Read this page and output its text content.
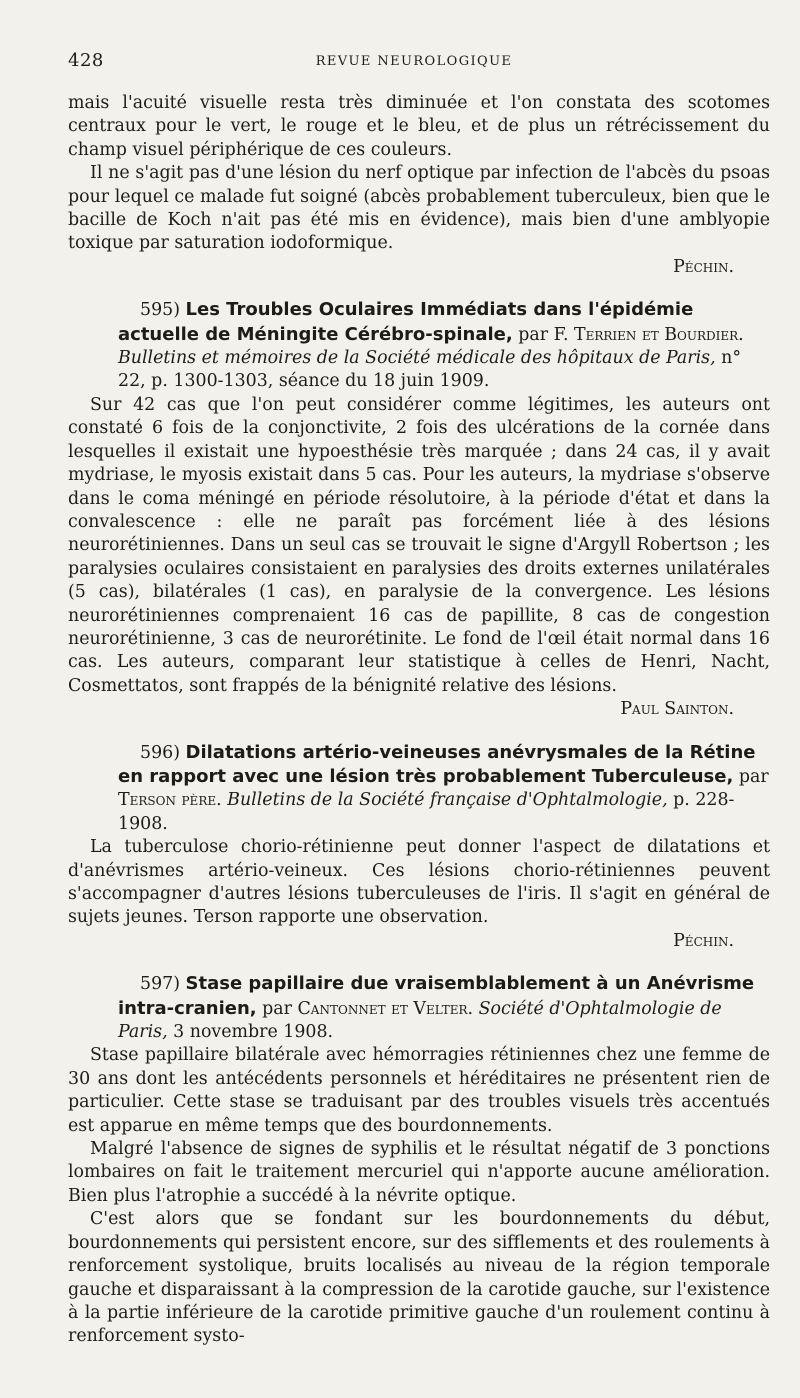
428	REVUE NEUROLOGIQUE

mais l'acuité visuelle resta très diminuée et l'on constata des scotomes centraux pour le vert, le rouge et le bleu, et de plus un rétrécissement du champ visuel périphérique de ces couleurs.

Il ne s'agit pas d'une lésion du nerf optique par infection de l'abcès du psoas pour lequel ce malade fut soigné (abcès probablement tuberculeux, bien que le bacille de Koch n'ait pas été mis en évidence), mais bien d'une amblyopie toxique par saturation iodoformique.

Péchin.

595) Les Troubles Oculaires Immédiats dans l'épidémie actuelle de Méningite Cérébro-spinale, par F. Terrien et Bourdier. Bulletins et mémoires de la Société médicale des hôpitaux de Paris, n° 22, p. 1300-1303, séance du 18 juin 1909.

Sur 42 cas que l'on peut considérer comme légitimes, les auteurs ont constaté 6 fois de la conjonctivite, 2 fois des ulcérations de la cornée dans lesquelles il existait une hypoesthésie très marquée ; dans 24 cas, il y avait mydriase, le myosis existait dans 5 cas. Pour les auteurs, la mydriase s'observe dans le coma méningé en période résolutoire, à la période d'état et dans la convalescence : elle ne paraît pas forcément liée à des lésions neurorétiniennes. Dans un seul cas se trouvait le signe d'Argyll Robertson ; les paralysies oculaires consistaient en paralysies des droits externes unilatérales (5 cas), bilatérales (1 cas), en paralysie de la convergence. Les lésions neurorétiniennes comprenaient 16 cas de papillite, 8 cas de congestion neurorétinienne, 3 cas de neurorétinite. Le fond de l'œil était normal dans 16 cas. Les auteurs, comparant leur statistique à celles de Henri, Nacht, Cosmettatos, sont frappés de la bénignité relative des lésions.

Paul Sainton.

596) Dilatations artério-veineuses anévrysmales de la Rétine en rapport avec une lésion très probablement Tuberculeuse, par Terson père. Bulletins de la Société française d'Ophtalmologie, p. 228-1908.

La tuberculose chorio-rétinienne peut donner l'aspect de dilatations et d'anévrismes artério-veineux. Ces lésions chorio-rétiniennes peuvent s'accompagner d'autres lésions tuberculeuses de l'iris. Il s'agit en général de sujets jeunes. Terson rapporte une observation.

Péchin.

597) Stase papillaire due vraisemblablement à un Anévrisme intra-cranien, par Cantonnet et Velter. Société d'Ophtalmologie de Paris, 3 novembre 1908.

Stase papillaire bilatérale avec hémorragies rétiniennes chez une femme de 30 ans dont les antécédents personnels et héréditaires ne présentent rien de particulier. Cette stase se traduisant par des troubles visuels très accentués est apparue en même temps que des bourdonnements.

Malgré l'absence de signes de syphilis et le résultat négatif de 3 ponctions lombaires on fait le traitement mercuriel qui n'apporte aucune amélioration. Bien plus l'atrophie a succédé à la névrite optique.

C'est alors que se fondant sur les bourdonnements du début, bourdonnements qui persistent encore, sur des sifflements et des roulements à renforcement systolique, bruits localisés au niveau de la région temporale gauche et disparaissant à la compression de la carotide gauche, sur l'existence à la partie inférieure de la carotide primitive gauche d'un roulement continu à renforcement systo-
